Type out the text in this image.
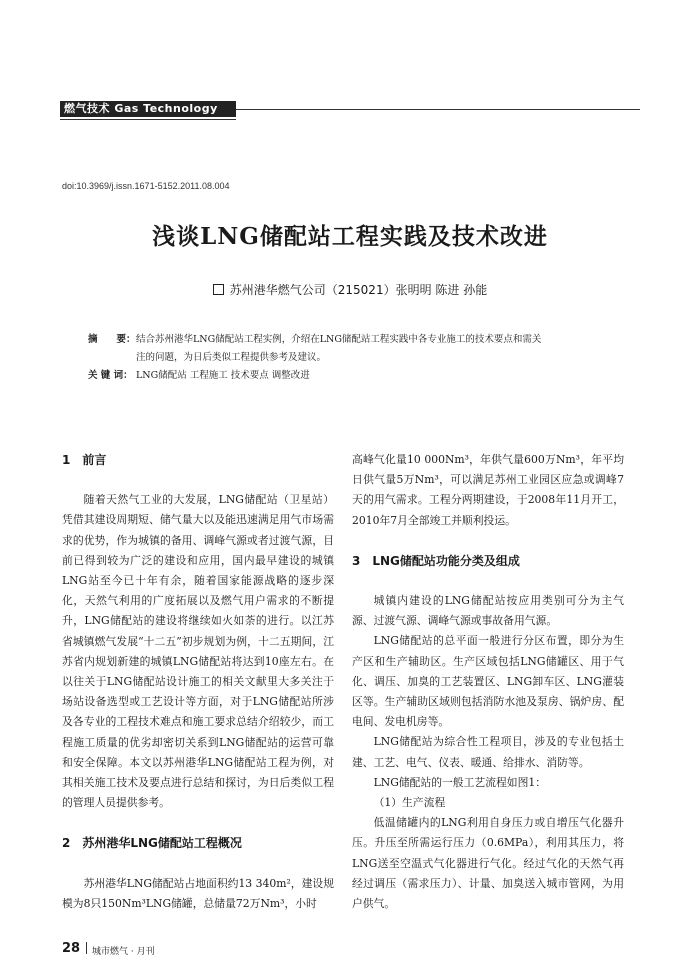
燃气技术 Gas Technology
doi:10.3969/j.issn.1671-5152.2011.08.004
浅谈LNG储配站工程实践及技术改进
苏州港华燃气公司（215021）张明明 陈进 孙能
摘　　要：结合苏州港华LNG储配站工程实例，介绍在LNG储配站工程实践中各专业施工的技术要点和需关
注的问题，为日后类似工程提供参考及建议。
关 键 词： LNG储配站 工程施工 技术要点 调整改进
1　前言

随着天然气工业的大发展，LNG储配站（卫星站）凭借其建设周期短、储气量大以及能迅速满足用气市场需求的优势，作为城镇的备用、调峰气源或者过渡气源，目前已得到较为广泛的建设和应用，国内最早建设的城镇LNG站至今已十年有余，随着国家能源战略的逐步深化，天然气利用的广度拓展以及燃气用户需求的不断提升，LNG储配站的建设将继续如火如荼的进行。以江苏省城镇燃气发展“十二五”初步规划为例，十二五期间，江苏省内规划新建的城镇LNG储配站将达到10座左右。在以往关于LNG储配站设计施工的相关文献里大多关注于场站设备选型或工艺设计等方面，对于LNG储配站所涉及各专业的工程技术难点和施工要求总结介绍较少，而工程施工质量的优劣却密切关系到LNG储配站的运营可靠和安全保障。本文以苏州港华LNG储配站工程为例，对其相关施工技术及要点进行总结和探讨，为日后类似工程的管理人员提供参考。

2　苏州港华LNG储配站工程概况

苏州港华LNG储配站占地面积约13 340m²，建设规模为8只150Nm³LNG储罐，总储量72万Nm³，小时

高峰气化量10 000Nm³，年供气量600万Nm³，年平均日供气量5万Nm³，可以满足苏州工业园区应急或调峰7天的用气需求。工程分两期建设，于2008年11月开工，2010年7月全部竣工并顺利投运。

3　LNG储配站功能分类及组成

城镇内建设的LNG储配站按应用类别可分为主气源、过渡气源、调峰气源或事故备用气源。

LNG储配站的总平面一般进行分区布置，即分为生产区和生产辅助区。生产区域包括LNG储罐区、用于气化、调压、加臭的工艺装置区、LNG卸车区、LNG灌装区等。生产辅助区域则包括消防水池及泵房、锅炉房、配电间、发电机房等。

LNG储配站为综合性工程项目，涉及的专业包括土建、工艺、电气、仪表、暖通、给排水、消防等。

LNG储配站的一般工艺流程如图1：

（1）生产流程

低温储罐内的LNG利用自身压力或自增压气化器升压。升压至所需运行压力（0.6MPa），利用其压力，将LNG送至空温式气化器进行气化。经过气化的天然气再经过调压（需求压力）、计量、加臭送入城市管网，为用户供气。

28 城市燃气 · 月刊
